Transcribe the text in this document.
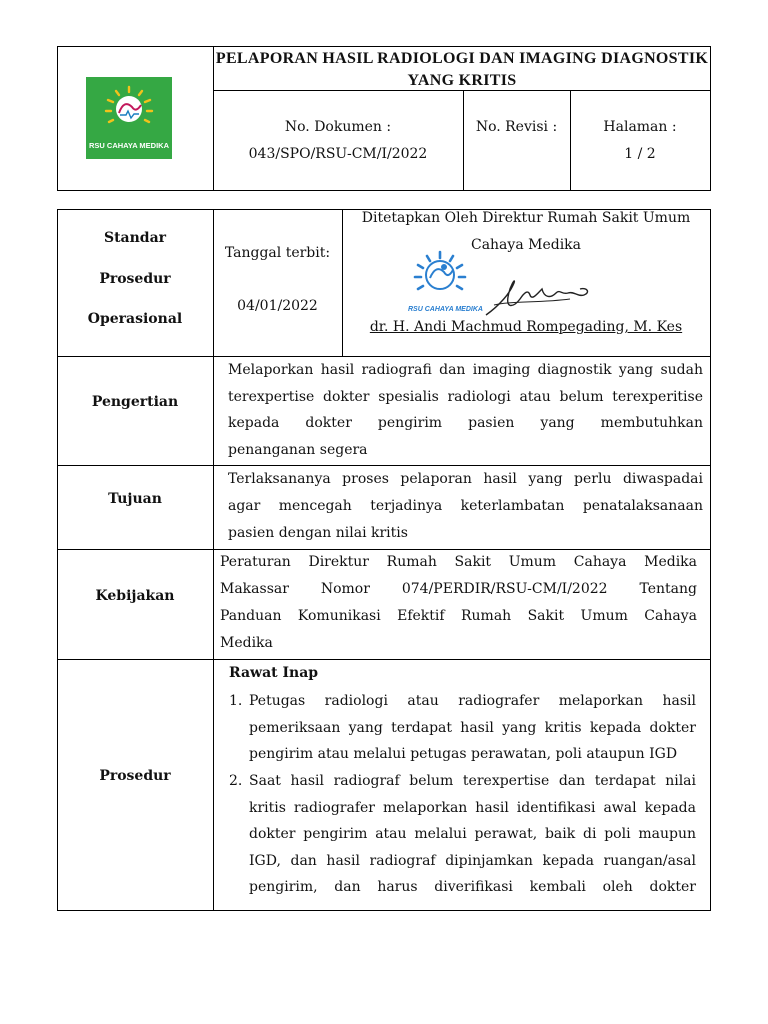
RSU CAHAYA MEDIKA
PELAPORAN HASIL RADIOLOGI DAN IMAGING DIAGNOSTIK
YANG KRITIS
No. Dokumen :
043/SPO/RSU-CM/I/2022
No. Revisi :	Halaman :
1 / 2
Standar
Prosedur
Operasional
Tanggal terbit:
04/01/2022
Ditetapkan Oleh Direktur Rumah Sakit Umum
Cahaya Medika
RSU CAHAYA MEDIKA
dr. H. Andi Machmud Rompegading, M. Kes
Pengertian
Melaporkan hasil radiografi dan imaging diagnostik yang sudah
terexpertise dokter spesialis radiologi atau belum terexperitise
kepada dokter pengirim pasien yang membutuhkan
penanganan segera
Tujuan
Terlaksananya proses pelaporan hasil yang perlu diwaspadai
agar mencegah terjadinya keterlambatan penatalaksanaan
pasien dengan nilai kritis
Kebijakan
Peraturan Direktur Rumah Sakit Umum Cahaya Medika
Makassar Nomor 074/PERDIR/RSU-CM/I/2022 Tentang
Panduan Komunikasi Efektif Rumah Sakit Umum Cahaya
Medika
Prosedur
Rawat Inap
1. Petugas radiologi atau radiografer melaporkan hasil
pemeriksaan yang terdapat hasil yang kritis kepada dokter
pengirim atau melalui petugas perawatan, poli ataupun IGD
2. Saat hasil radiograf belum terexpertise dan terdapat nilai
kritis radiografer melaporkan hasil identifikasi awal kepada
dokter pengirim atau melalui perawat, baik di poli maupun
IGD, dan hasil radiograf dipinjamkan kepada ruangan/asal
pengirim, dan harus diverifikasi kembali oleh dokter
